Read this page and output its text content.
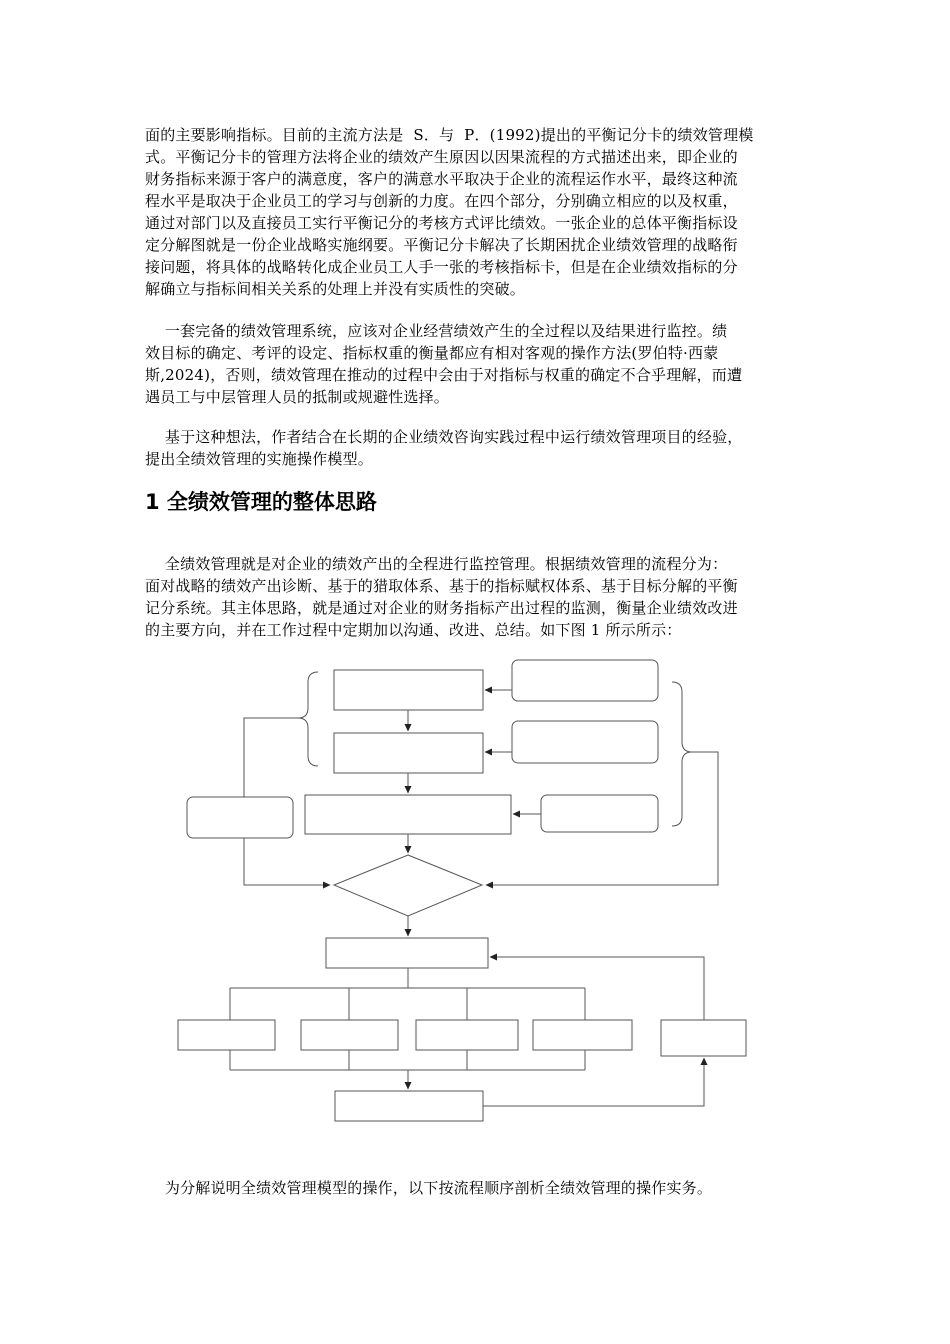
面的主要影响指标。目前的主流方法是  S．与  P．(1992)提出的平衡记分卡的绩效管理模
式。平衡记分卡的管理方法将企业的绩效产生原因以因果流程的方式描述出来，即企业的
财务指标来源于客户的满意度，客户的满意水平取决于企业的流程运作水平，最终这种流
程水平是取决于企业员工的学习与创新的力度。在四个部分，分别确立相应的以及权重，
通过对部门以及直接员工实行平衡记分的考核方式评比绩效。一张企业的总体平衡指标设
定分解图就是一份企业战略实施纲要。平衡记分卡解决了长期困扰企业绩效管理的战略衔
接问题，将具体的战略转化成企业员工人手一张的考核指标卡，但是在企业绩效指标的分
解确立与指标间相关关系的处理上并没有实质性的突破。
一套完备的绩效管理系统，应该对企业经营绩效产生的全过程以及结果进行监控。绩
效目标的确定、考评的设定、指标权重的衡量都应有相对客观的操作方法(罗伯特·西蒙
斯,2024)，否则，绩效管理在推动的过程中会由于对指标与权重的确定不合乎理解，而遭
遇员工与中层管理人员的抵制或规避性选择。
基于这种想法，作者结合在长期的企业绩效咨询实践过程中运行绩效管理项目的经验，
提出全绩效管理的实施操作模型。
1 全绩效管理的整体思路
全绩效管理就是对企业的绩效产出的全程进行监控管理。根据绩效管理的流程分为：
面对战略的绩效产出诊断、基于的猎取体系、基于的指标赋权体系、基于目标分解的平衡
记分系统。其主体思路，就是通过对企业的财务指标产出过程的监测，衡量企业绩效改进
的主要方向，并在工作过程中定期加以沟通、改进、总结。如下图 1 所示所示：
为分解说明全绩效管理模型的操作，以下按流程顺序剖析全绩效管理的操作实务。
